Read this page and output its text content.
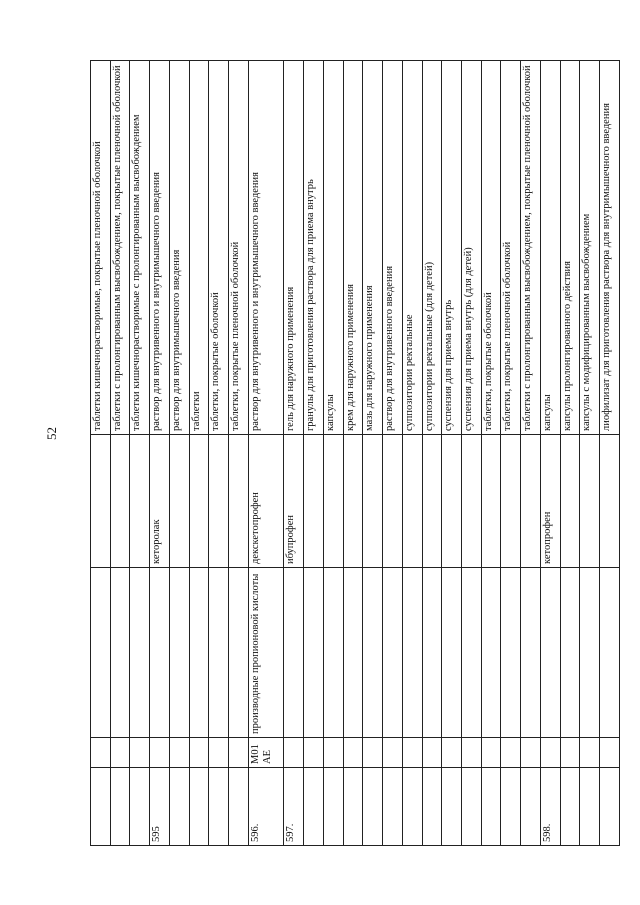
52
				таблетки кишечнорастворимые, покрытые пленочной оболочкой
				таблетки с пролонгированным высвобождением, покрытые пленочной оболочкой
				таблетки кишечнорастворимые с пролонгированным высвобождением
595			кеторолак	раствор для внутривенного и внутримышечного введения
				раствор для внутримышечного введения
				таблетки
				таблетки, покрытые оболочкой
				таблетки, покрытые пленочной оболочкой
596.	M01AE	производные пропионовой кислоты	декскетопрофен	раствор для внутривенного и внутримышечного введения
597.			ибупрофен	гель для наружного применения
				гранулы для приготовления раствора для приема внутрь
				капсулы
				крем для наружного применения
				мазь для наружного применения
				раствор для внутривенного введения
				суппозитории ректальные
				суппозитории ректальные (для детей)
				суспензия для приема внутрь
				суспензия для приема внутрь (для детей)
				таблетки, покрытые оболочкой
				таблетки, покрытые пленочной оболочкой
				таблетки с пролонгированным высвобождением, покрытые пленочной оболочкой
598.			кетопрофен	капсулы
				капсулы пролонгированного действия
				капсулы с модифицированным высвобождением
				лиофилизат для приготовления раствора для внутримышечного введения
